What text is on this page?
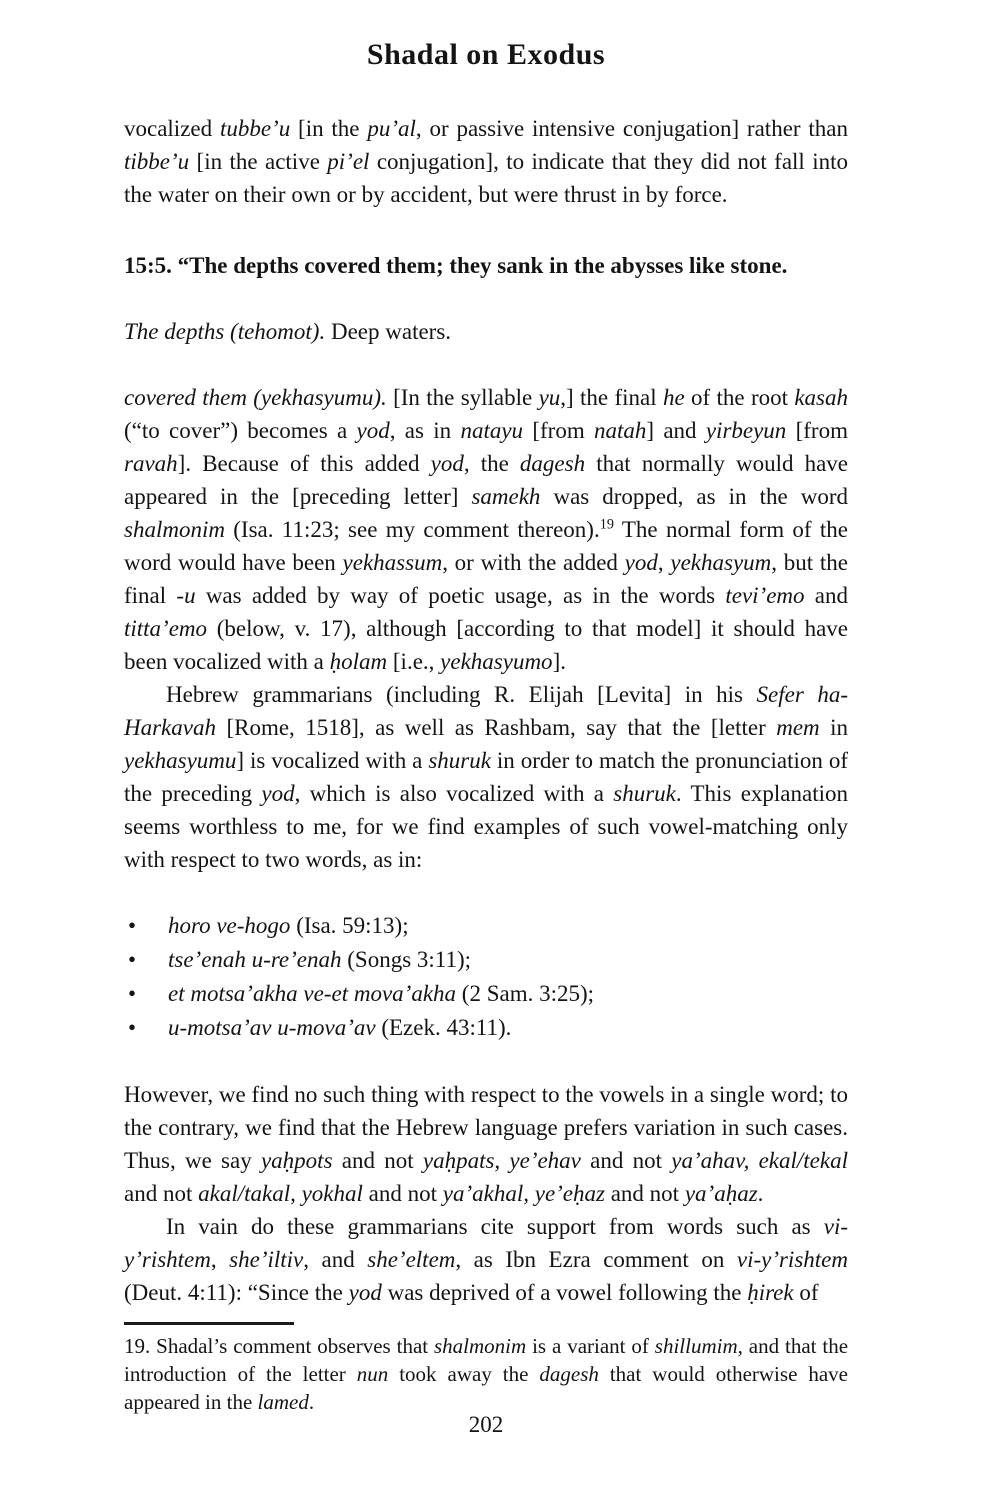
Shadal on Exodus

vocalized tubbe’u [in the pu’al, or passive intensive conjugation] rather than tibbe’u [in the active pi’el conjugation], to indicate that they did not fall into the water on their own or by accident, but were thrust in by force.

15:5. “The depths covered them; they sank in the abysses like stone.

The depths (tehomot). Deep waters.

covered them (yekhasyumu). [In the syllable yu,] the final he of the root kasah (“to cover”) becomes a yod, as in natayu [from natah] and yirbeyun [from ravah]. Because of this added yod, the dagesh that normally would have appeared in the [preceding letter] samekh was dropped, as in the word shalmonim (Isa. 11:23; see my comment thereon).$^{19}$ The normal form of the word would have been yekhassum, or with the added yod, yekhasyum, but the final -u was added by way of poetic usage, as in the words tevi’emo and titta’emo (below, v. 17), although [according to that model] it should have been vocalized with a ḥolam [i.e., yekhasyumo].

Hebrew grammarians (including R. Elijah [Levita] in his Sefer ha-Harkavah [Rome, 1518], as well as Rashbam, say that the [letter mem in yekhasyumu] is vocalized with a shuruk in order to match the pronunciation of the preceding yod, which is also vocalized with a shuruk. This explanation seems worthless to me, for we find examples of such vowel-matching only with respect to two words, as in:

• horo ve-hogo (Isa. 59:13);
• tse’enah u-re’enah (Songs 3:11);
• et motsa’akha ve-et mova’akha (2 Sam. 3:25);
• u-motsa’av u-mova’av (Ezek. 43:11).

However, we find no such thing with respect to the vowels in a single word; to the contrary, we find that the Hebrew language prefers variation in such cases. Thus, we say yaḥpots and not yaḥpats, ye’ehav and not ya’ahav, ekal/tekal and not akal/takal, yokhal and not ya’akhal, ye’eḥaz and not ya’aḥaz.

In vain do these grammarians cite support from words such as vi-y’rishtem, she’iltiv, and she’eltem, as Ibn Ezra comment on vi-y’rishtem (Deut. 4:11): “Since the yod was deprived of a vowel following the ḥirek of

19. Shadal’s comment observes that shalmonim is a variant of shillumim, and that the introduction of the letter nun took away the dagesh that would otherwise have appeared in the lamed.

202
